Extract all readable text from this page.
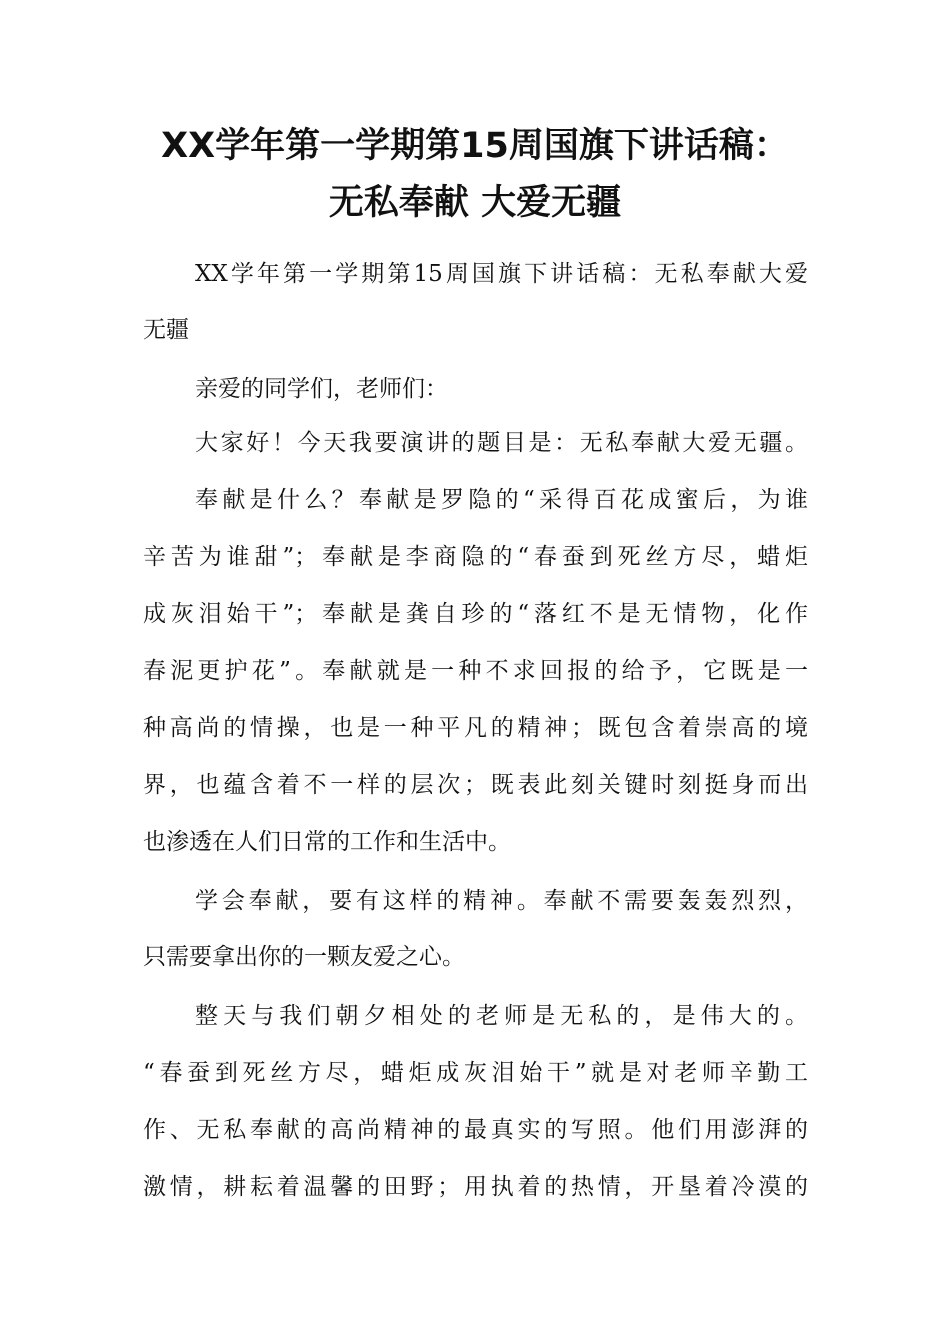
XX学年第一学期第15周国旗下讲话稿：
无私奉献 大爱无疆
XX学年第一学期第15周国旗下讲话稿：无私奉献大爱
无疆
亲爱的同学们，老师们：
大家好！今天我要演讲的题目是：无私奉献大爱无疆。
奉献是什么？奉献是罗隐的“采得百花成蜜后，为谁
辛苦为谁甜”；奉献是李商隐的“春蚕到死丝方尽，蜡炬
成灰泪始干”；奉献是龚自珍的“落红不是无情物，化作
春泥更护花”。奉献就是一种不求回报的给予，它既是一
种高尚的情操，也是一种平凡的精神；既包含着崇高的境
界，也蕴含着不一样的层次；既表此刻关键时刻挺身而出
也渗透在人们日常的工作和生活中。
学会奉献，要有这样的精神。奉献不需要轰轰烈烈，
只需要拿出你的一颗友爱之心。
整天与我们朝夕相处的老师是无私的，是伟大的。
“春蚕到死丝方尽，蜡炬成灰泪始干”就是对老师辛勤工
作、无私奉献的高尚精神的最真实的写照。他们用澎湃的
激情，耕耘着温馨的田野；用执着的热情，开垦着冷漠的
